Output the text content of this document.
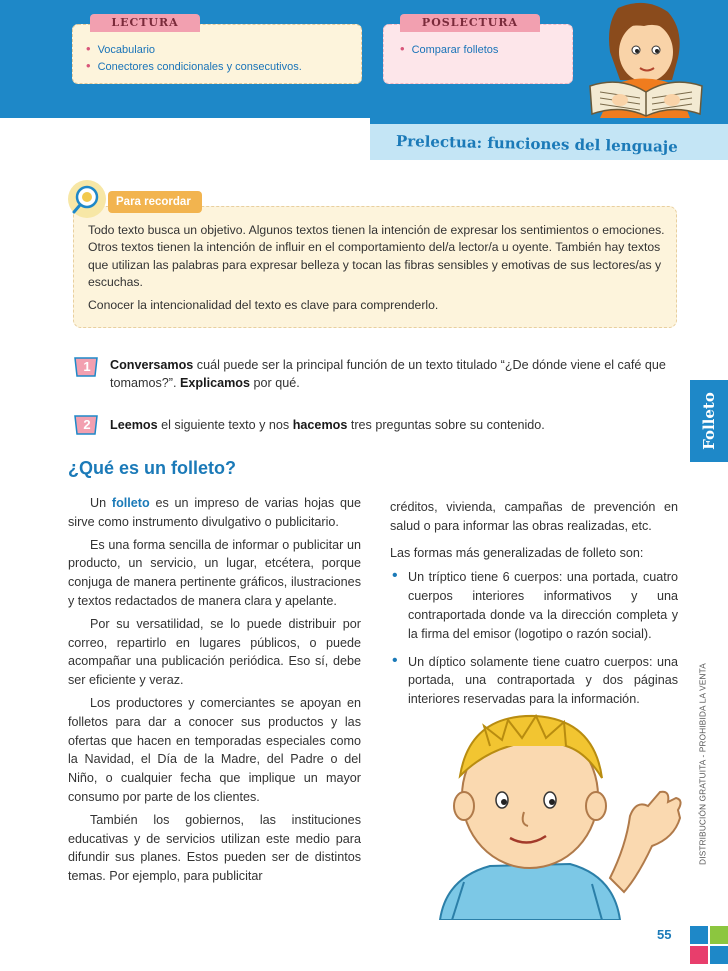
LECTURA
• Vocabulario
• Conectores condicionales y consecutivos.
POSLECTURA
• Comparar folletos
Prelectua: funciones del lenguaje
Para recordar

Todo texto busca un objetivo. Algunos textos tienen la intención de expresar los sentimientos o emociones. Otros textos tienen la intención de influir en el comportamiento del/a lector/a u oyente. También hay textos que utilizan las palabras para expresar belleza y tocan las fibras sensibles y emotivas de sus lectores/as y escuchas.

Conocer la intencionalidad del texto es clave para comprenderlo.

1	Conversamos cuál puede ser la principal función de un texto titulado “¿De dónde viene el café que tomamos?”. Explicamos por qué.
2	Leemos el siguiente texto y nos hacemos tres preguntas sobre su contenido.	Folleto
DISTRIBUCIÓN GRATUITA - PROHIBIDA LA VENTA
¿Qué es un folleto?

Un folleto es un impreso de varias hojas que sirve como instrumento divulgativo o publicitario.

Es una forma sencilla de informar o publicitar un producto, un servicio, un lugar, etcétera, porque conjuga de manera pertinente gráficos, ilustraciones y textos redactados de manera clara y apelante.

Por su versatilidad, se lo puede distribuir por correo, repartirlo en lugares públicos, o puede acompañar una publicación periódica. Eso sí, debe ser eficiente y veraz.

Los productores y comerciantes se apoyan en folletos para dar a conocer sus productos y las ofertas que hacen en temporadas especiales como la Navidad, el Día de la Madre, del Padre o del Niño, o cualquier fecha que implique un mayor consumo por parte de los clientes.

También los gobiernos, las instituciones educativas y de servicios utilizan este medio para difundir sus planes. Estos pueden ser de distintos temas. Por ejemplo, para publicitar

créditos, vivienda, campañas de prevención en salud o para informar las obras realizadas, etc.

Las formas más generalizadas de folleto son:

• Un tríptico tiene 6 cuerpos: una portada, cuatro cuerpos interiores informativos y una contraportada donde va la dirección completa y la firma del emisor (logotipo o razón social).
• Un díptico solamente tiene cuatro cuerpos: una portada, una contraportada y dos páginas interiores reservadas para la información.
55
